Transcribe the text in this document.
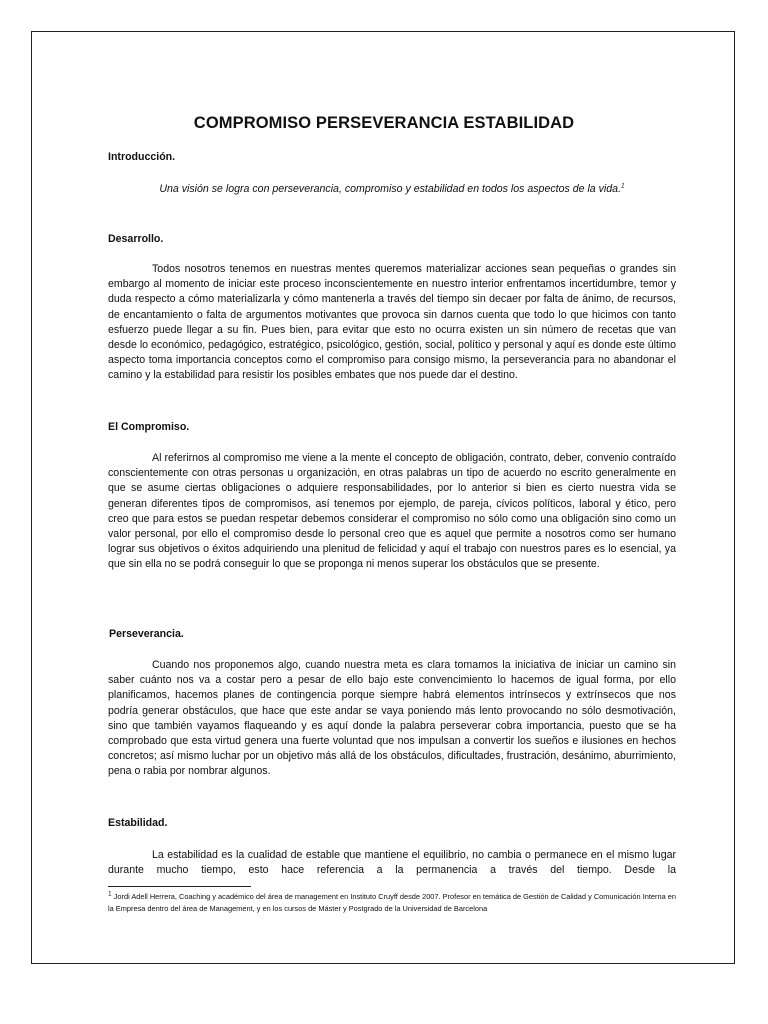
COMPROMISO PERSEVERANCIA ESTABILIDAD
Introducción.
Una visión se logra con perseverancia, compromiso y estabilidad en todos los aspectos de la vida.$^1$
Desarrollo.

Todos nosotros tenemos en nuestras mentes queremos materializar acciones sean pequeñas o grandes sin embargo al momento de iniciar este proceso inconscientemente en nuestro interior enfrentamos incertidumbre, temor y duda respecto a cómo materializarla y cómo mantenerla a través del tiempo sin decaer por falta de ánimo, de recursos, de encantamiento o falta de argumentos motivantes que provoca sin darnos cuenta que todo lo que hicimos con tanto esfuerzo puede llegar a su fin. Pues bien, para evitar que esto no ocurra existen un sin número de recetas que van desde lo económico, pedagógico, estratégico, psicológico, gestión, social, político y personal y aquí es donde este último aspecto toma importancia conceptos como el compromiso para consigo mismo, la perseverancia para no abandonar el camino y la estabilidad para resistir los posibles embates que nos puede dar el destino.

El Compromiso.

Al referirnos al compromiso me viene a la mente el concepto de obligación, contrato, deber, convenio contraído conscientemente con otras personas u organización, en otras palabras un tipo de acuerdo no escrito generalmente en que se asume ciertas obligaciones o adquiere responsabilidades, por lo anterior si bien es cierto nuestra vida se generan diferentes tipos de compromisos, así tenemos por ejemplo, de pareja, cívicos políticos, laboral y ético, pero creo que para estos se puedan respetar debemos considerar el compromiso no sólo como una obligación sino como un valor personal, por ello el compromiso desde lo personal creo que es aquel que permite a nosotros como ser humano lograr sus objetivos o éxitos adquiriendo una plenitud de felicidad y aquí el trabajo con nuestros pares es lo esencial, ya que sin ella no se podrá conseguir lo que se proponga ni menos superar los obstáculos que se presente.

Perseverancia.

Cuando nos proponemos algo, cuando nuestra meta es clara tomamos la iniciativa de iniciar un camino sin saber cuánto nos va a costar pero a pesar de ello bajo este convencimiento lo hacemos de igual forma, por ello planificamos, hacemos planes de contingencia porque siempre habrá elementos intrínsecos y extrínsecos que nos podría generar obstáculos, que hace que este andar se vaya poniendo más lento provocando no sólo desmotivación, sino que también vayamos flaqueando y es aquí donde la palabra perseverar cobra importancia, puesto que se ha comprobado que esta virtud genera una fuerte voluntad que nos impulsan a convertir los sueños e ilusiones en hechos concretos; así mismo luchar por un objetivo más allá de los obstáculos, dificultades, frustración, desánimo, aburrimiento, pena o rabia por nombrar algunos.

Estabilidad.

La estabilidad es la cualidad de estable que mantiene el equilibrio, no cambia o permanece en el mismo lugar durante mucho tiempo, esto hace referencia a la permanencia a través del tiempo. Desde la

$^1$ Jordi Adell Herrera, Coaching y académico del área de management en Instituto Cruyff desde 2007. Profesor en temática de Gestión de Calidad y Comunicación Interna en la Empresa dentro del área de Management, y en los cursos de Máster y Postgrado de la Universidad de Barcelona
